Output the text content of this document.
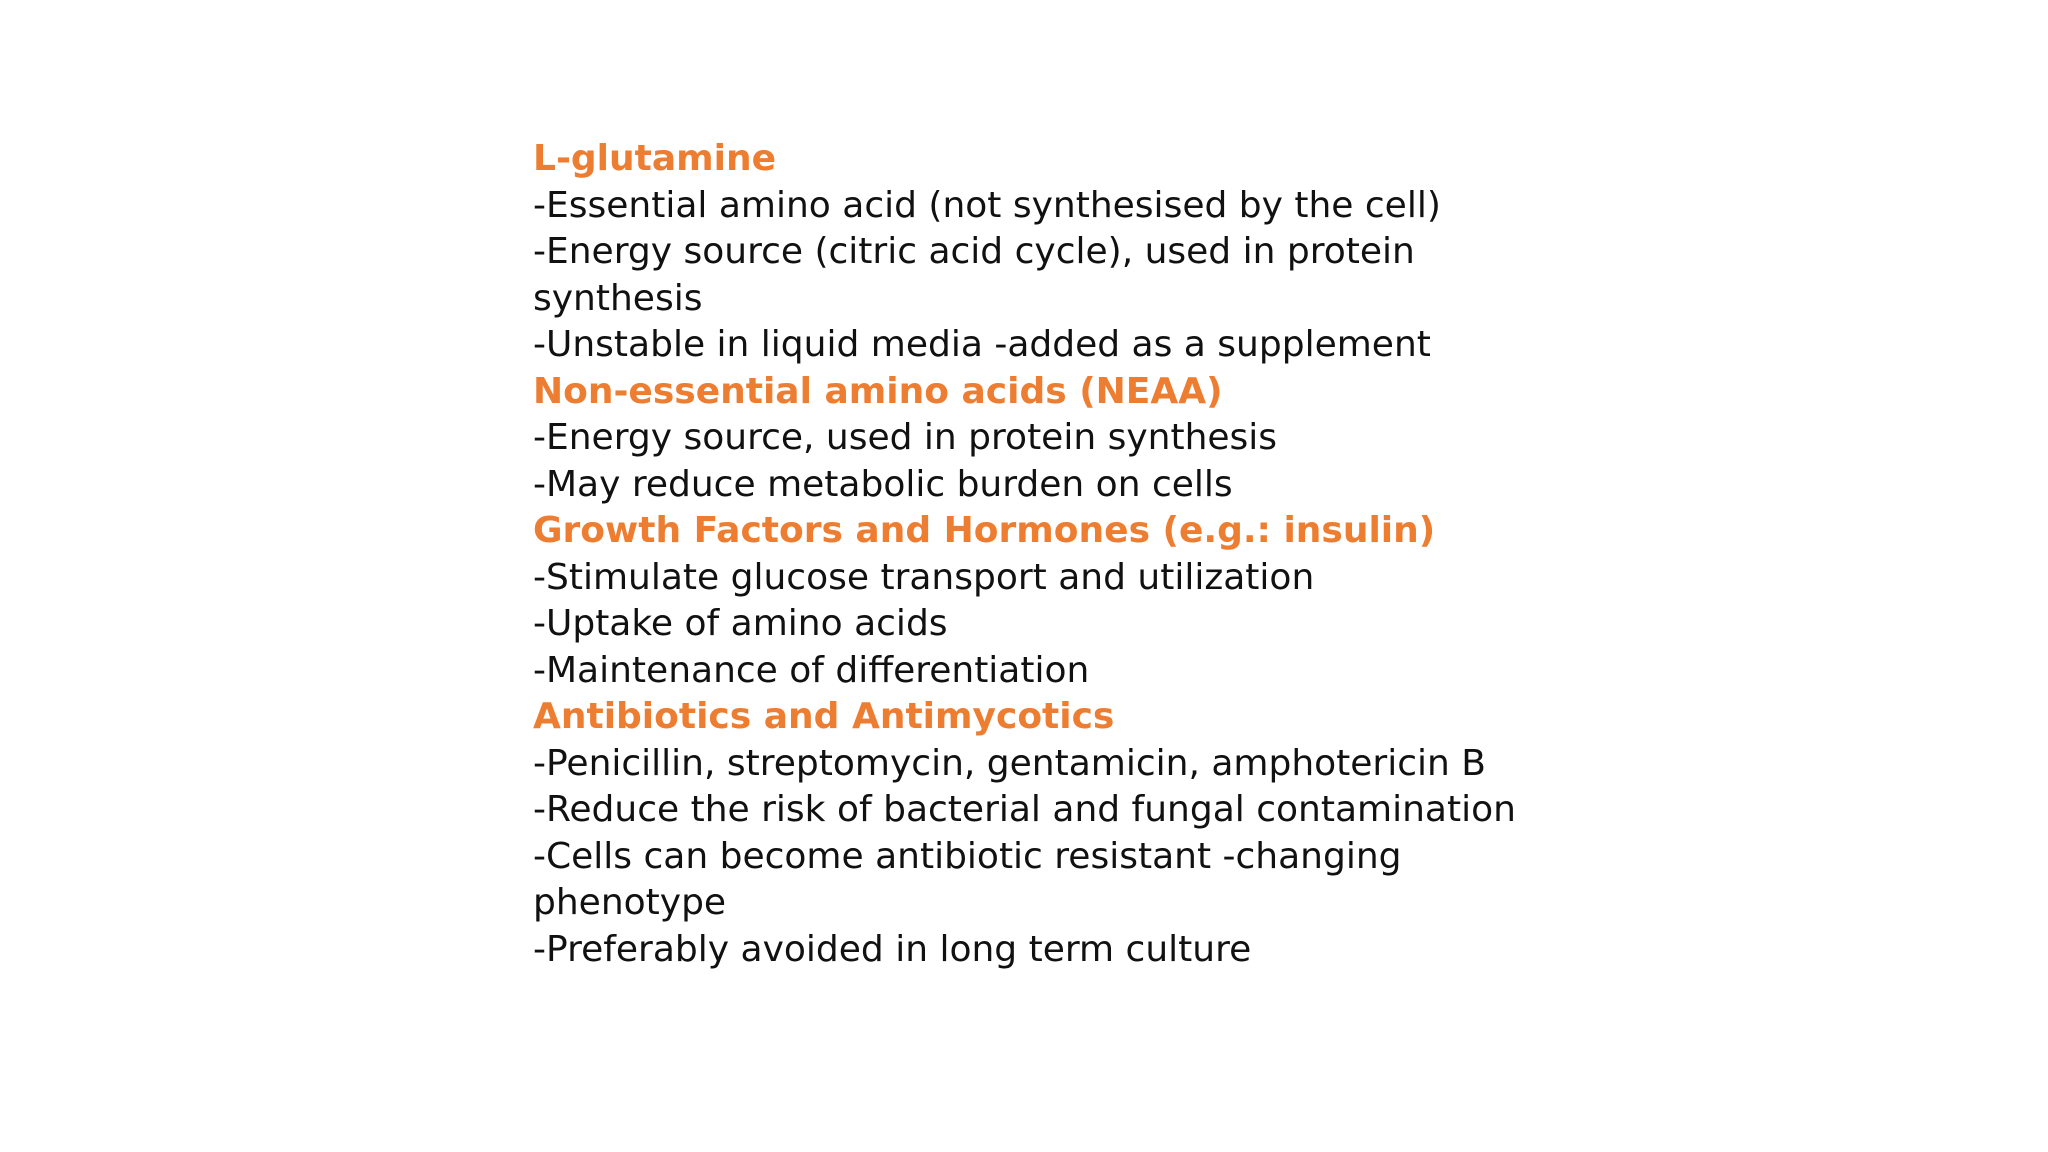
L-glutamine
-Essential amino acid (not synthesised by the cell)
-Energy source (citric acid cycle), used in protein synthesis
-Unstable in liquid media -added as a supplement
Non-essential amino acids (NEAA)
-Energy source, used in protein synthesis
-May reduce metabolic burden on cells
Growth Factors and Hormones (e.g.: insulin)
-Stimulate glucose transport and utilization
-Uptake of amino acids
-Maintenance of differentiation
Antibiotics and Antimycotics
-Penicillin, streptomycin, gentamicin, amphotericin B
-Reduce the risk of bacterial and fungal contamination
-Cells can become antibiotic resistant -changing phenotype
-Preferably avoided in long term culture
